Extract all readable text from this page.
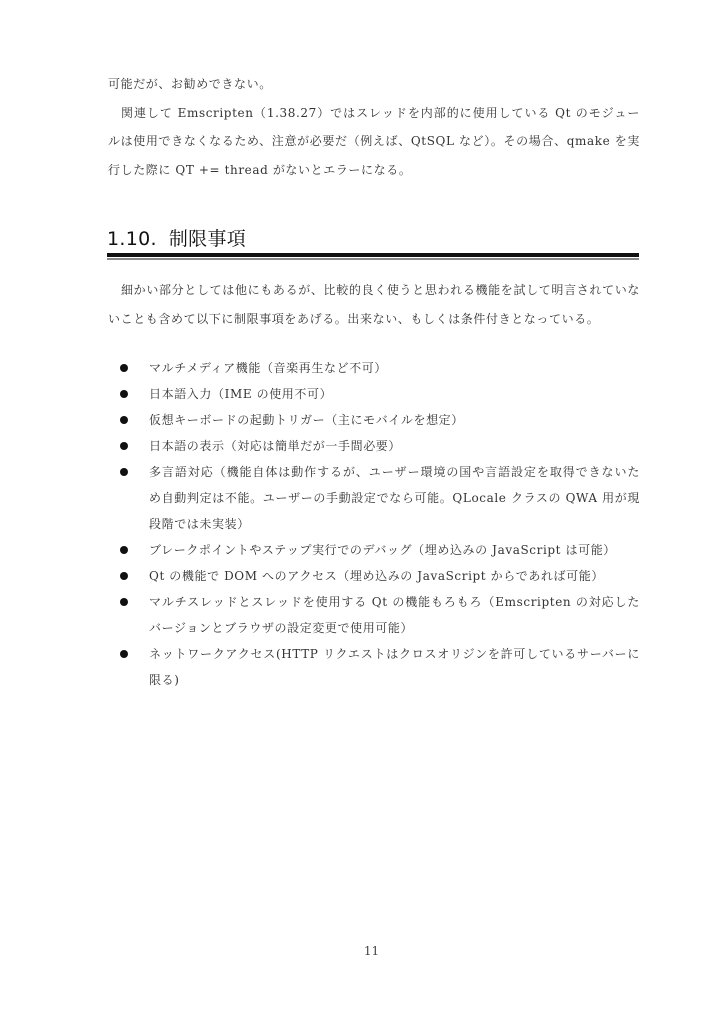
可能だが、お勧めできない。

関連して Emscripten（1.38.27）ではスレッドを内部的に使用している Qt のモジュールは使用できなくなるため、注意が必要だ（例えば、QtSQL など）。その場合、qmake を実行した際に QT += thread がないとエラーになる。

1.10. 制限事項

細かい部分としては他にもあるが、比較的良く使うと思われる機能を試して明言されていないことも含めて以下に制限事項をあげる。出来ない、もしくは条件付きとなっている。

マルチメディア機能（音楽再生など不可）
日本語入力（IME の使用不可）
仮想キーボードの起動トリガー（主にモバイルを想定）
日本語の表示（対応は簡単だが一手間必要）
多言語対応（機能自体は動作するが、ユーザー環境の国や言語設定を取得できないため自動判定は不能。ユーザーの手動設定でなら可能。QLocale クラスの QWA 用が現段階では未実装）
ブレークポイントやステップ実行でのデバッグ（埋め込みの JavaScript は可能）
Qt の機能で DOM へのアクセス（埋め込みの JavaScript からであれば可能）
マルチスレッドとスレッドを使用する Qt の機能もろもろ（Emscripten の対応したバージョンとブラウザの設定変更で使用可能）
ネットワークアクセス(HTTP リクエストはクロスオリジンを許可しているサーバーに限る)
11
